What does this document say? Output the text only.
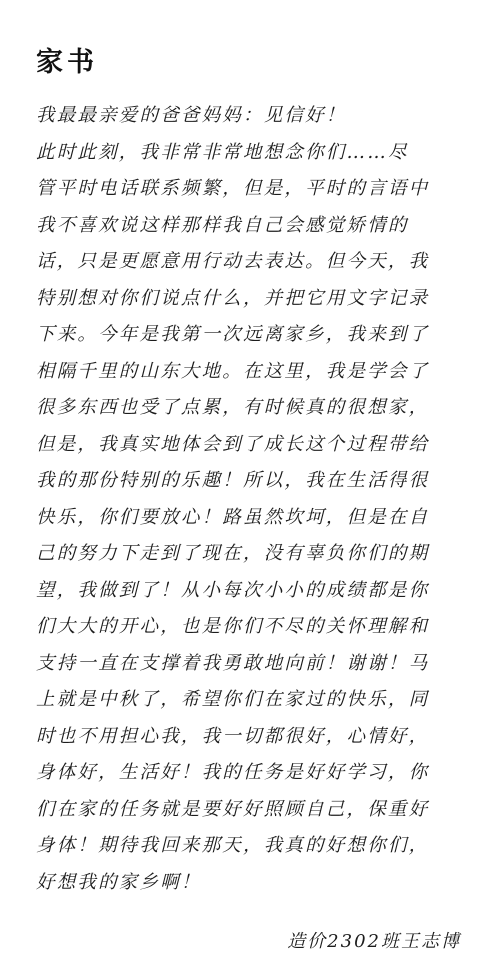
家书
我最最亲爱的爸爸妈妈：见信好！
此时此刻，我非常非常地想念你们……尽
管平时电话联系频繁，但是，平时的言语中
我不喜欢说这样那样我自己会感觉矫情的
话，只是更愿意用行动去表达。但今天，我
特别想对你们说点什么，并把它用文字记录
下来。今年是我第一次远离家乡，我来到了
相隔千里的山东大地。在这里，我是学会了
很多东西也受了点累，有时候真的很想家，
但是，我真实地体会到了成长这个过程带给
我的那份特别的乐趣！所以，我在生活得很
快乐，你们要放心！路虽然坎坷，但是在自
己的努力下走到了现在，没有辜负你们的期
望，我做到了！从小每次小小的成绩都是你
们大大的开心，也是你们不尽的关怀理解和
支持一直在支撑着我勇敢地向前！谢谢！马
上就是中秋了，希望你们在家过的快乐，同
时也不用担心我，我一切都很好，心情好，
身体好，生活好！我的任务是好好学习，你
们在家的任务就是要好好照顾自己，保重好
身体！期待我回来那天，我真的好想你们，
好想我的家乡啊！
造价2302班王志博
